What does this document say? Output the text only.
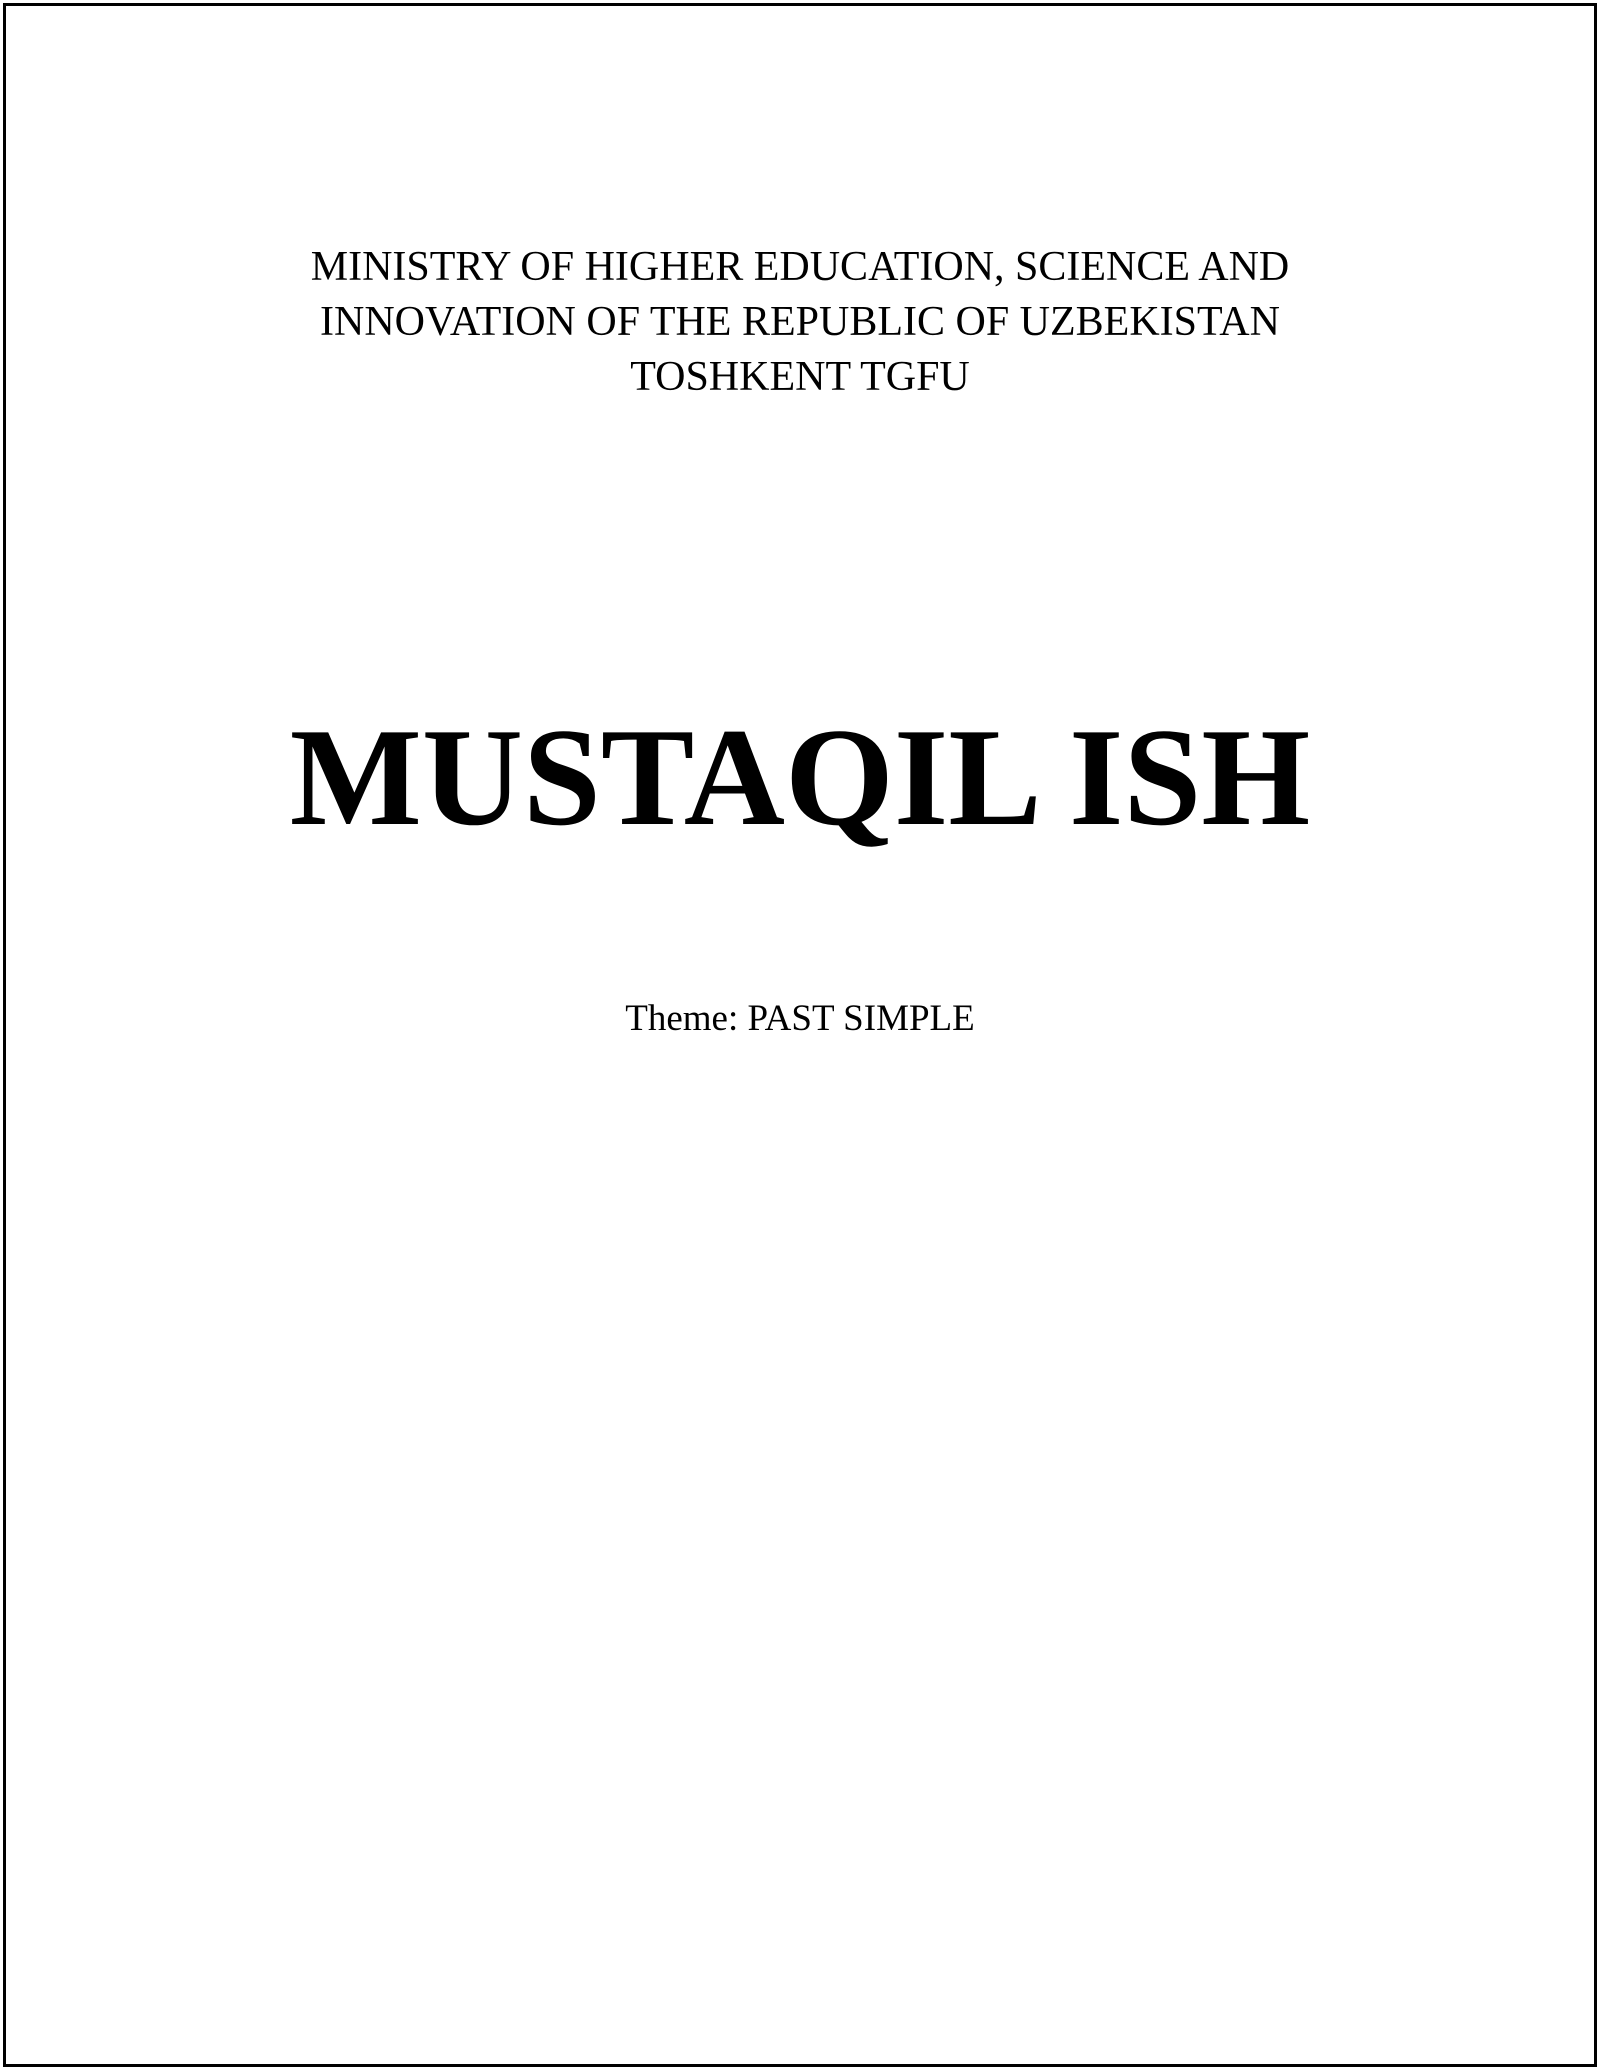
MINISTRY OF HIGHER EDUCATION, SCIENCE AND
INNOVATION OF THE REPUBLIC OF UZBEKISTAN
TOSHKENT TGFU
MUSTAQIL ISH
Theme: PAST SIMPLE
